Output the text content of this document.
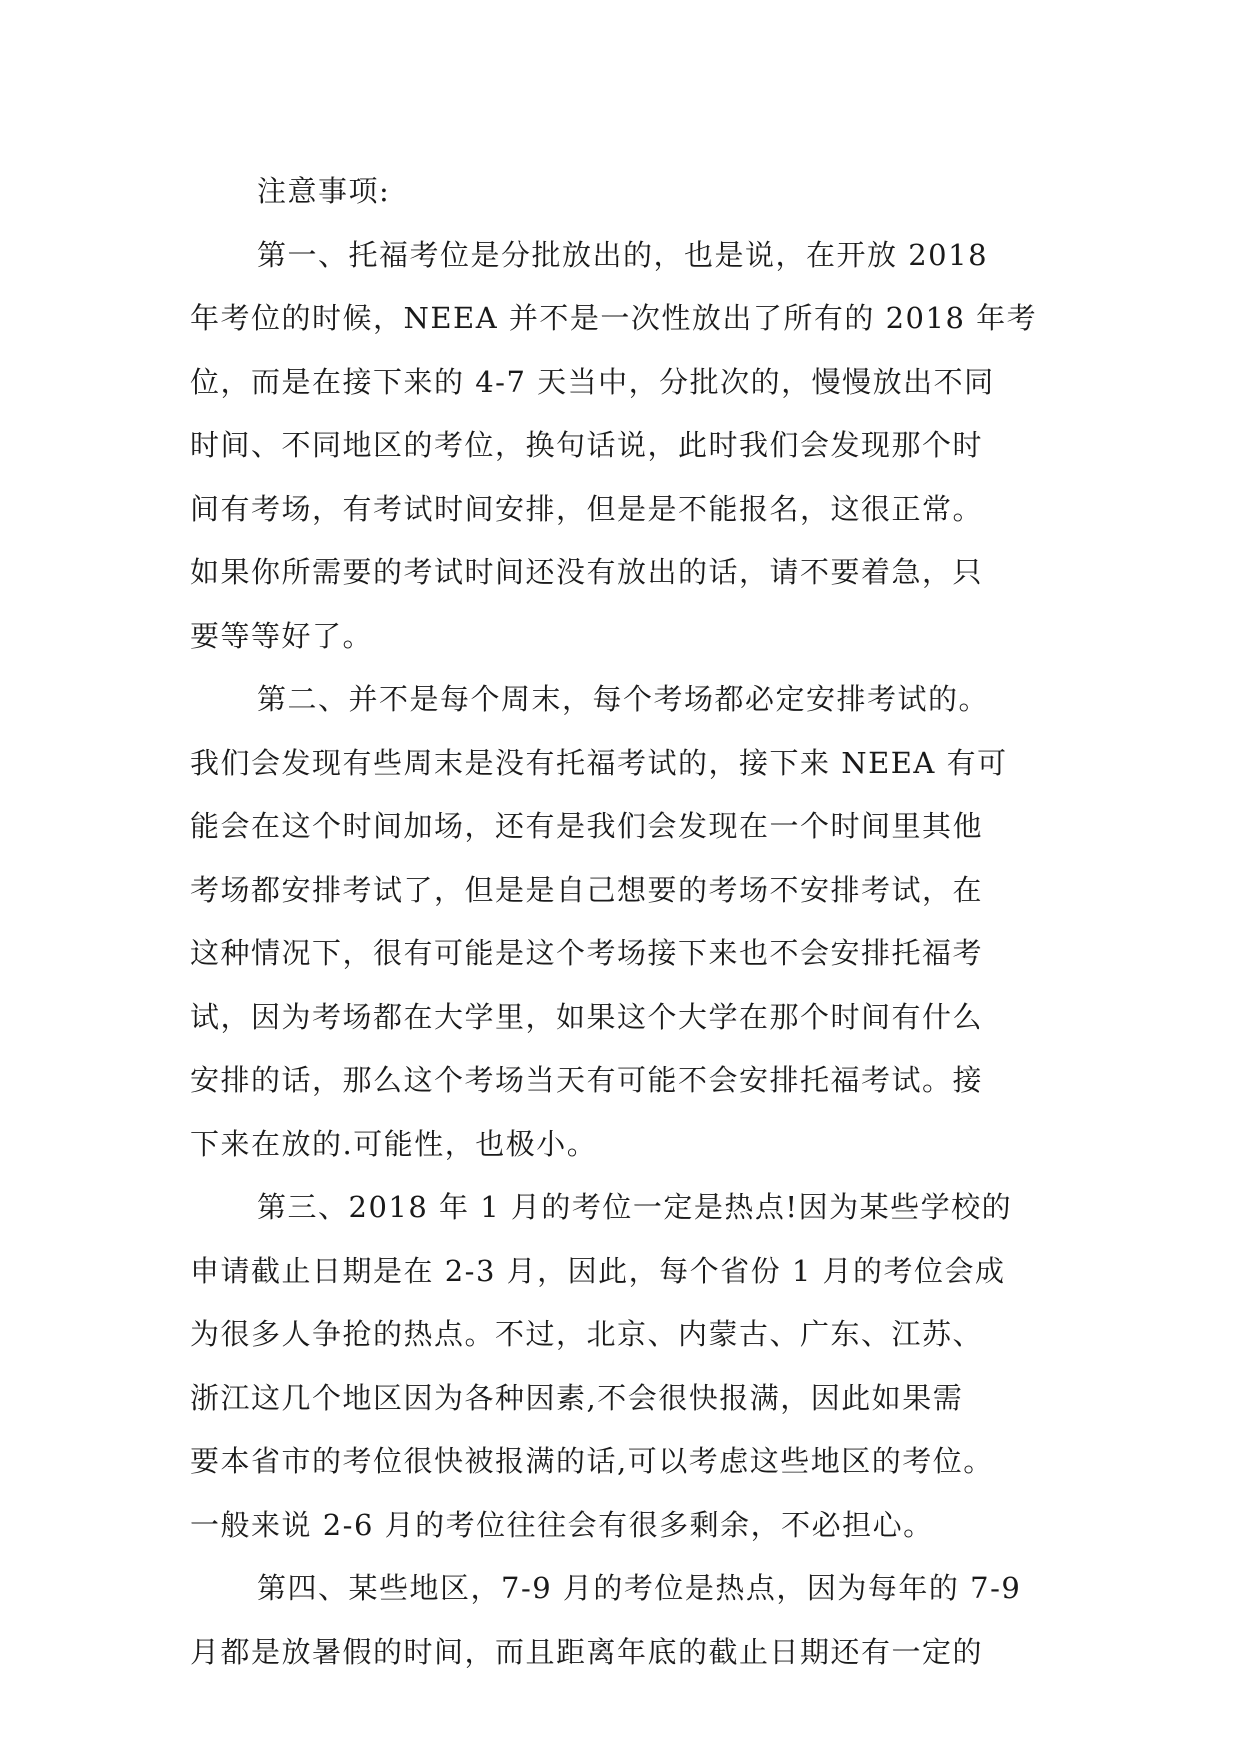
注意事项:
第一、托福考位是分批放出的，也是说，在开放 2018
年考位的时候，NEEA 并不是一次性放出了所有的 2018 年考
位，而是在接下来的 4-7 天当中，分批次的，慢慢放出不同
时间、不同地区的考位，换句话说，此时我们会发现那个时
间有考场，有考试时间安排，但是是不能报名，这很正常。
如果你所需要的考试时间还没有放出的话，请不要着急，只
要等等好了。
第二、并不是每个周末，每个考场都必定安排考试的。
我们会发现有些周末是没有托福考试的，接下来 NEEA 有可
能会在这个时间加场，还有是我们会发现在一个时间里其他
考场都安排考试了，但是是自己想要的考场不安排考试，在
这种情况下，很有可能是这个考场接下来也不会安排托福考
试，因为考场都在大学里，如果这个大学在那个时间有什么
安排的话，那么这个考场当天有可能不会安排托福考试。接
下来在放的.可能性，也极小。
第三、2018 年 1 月的考位一定是热点!因为某些学校的
申请截止日期是在 2-3 月，因此，每个省份 1 月的考位会成
为很多人争抢的热点。不过，北京、内蒙古、广东、江苏、
浙江这几个地区因为各种因素,不会很快报满，因此如果需
要本省市的考位很快被报满的话,可以考虑这些地区的考位。
一般来说 2-6 月的考位往往会有很多剩余，不必担心。
第四、某些地区，7-9 月的考位是热点，因为每年的 7-9
月都是放暑假的时间，而且距离年底的截止日期还有一定的
